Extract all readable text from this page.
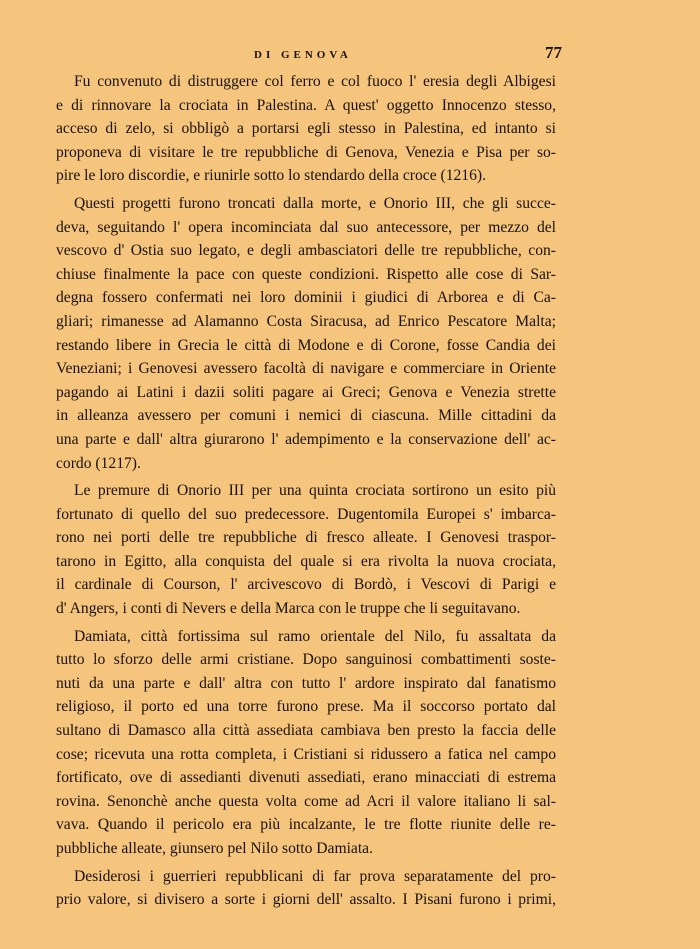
DI GENOVA	77

Fu convenuto di distruggere col ferro e col fuoco l' eresia degli Albigesi
e di rinnovare la crociata in Palestina. A quest' oggetto Innocenzo stesso,
acceso di zelo, si obbligò a portarsi egli stesso in Palestina, ed intanto si
proponeva di visitare le tre repubbliche di Genova, Venezia e Pisa per so-
pire le loro discordie, e riunirle sotto lo stendardo della croce (1216).

Questi progetti furono troncati dalla morte, e Onorio III, che gli succe-
deva, seguitando l' opera incominciata dal suo antecessore, per mezzo del
vescovo d' Ostia suo legato, e degli ambasciatori delle tre repubbliche, con-
chiuse finalmente la pace con queste condizioni. Rispetto alle cose di Sar-
degna fossero confermati nei loro dominii i giudici di Arborea e di Ca-
gliari; rimanesse ad Alamanno Costa Siracusa, ad Enrico Pescatore Malta;
restando libere in Grecia le città di Modone e di Corone, fosse Candia dei
Veneziani; i Genovesi avessero facoltà di navigare e commerciare in Oriente
pagando ai Latini i dazii soliti pagare ai Greci; Genova e Venezia strette
in alleanza avessero per comuni i nemici di ciascuna. Mille cittadini da
una parte e dall' altra giurarono l' adempimento e la conservazione dell' ac-
cordo (1217).

Le premure di Onorio III per una quinta crociata sortirono un esito più
fortunato di quello del suo predecessore. Dugentomila Europei s' imbarca-
rono nei porti delle tre repubbliche di fresco alleate. I Genovesi traspor-
tarono in Egitto, alla conquista del quale si era rivolta la nuova crociata,
il cardinale di Courson, l' arcivescovo di Bordò, i Vescovi di Parigi e
d' Angers, i conti di Nevers e della Marca con le truppe che li seguitavano.

Damiata, città fortissima sul ramo orientale del Nilo, fu assaltata da
tutto lo sforzo delle armi cristiane. Dopo sanguinosi combattimenti soste-
nuti da una parte e dall' altra con tutto l' ardore inspirato dal fanatismo
religioso, il porto ed una torre furono prese. Ma il soccorso portato dal
sultano di Damasco alla città assediata cambiava ben presto la faccia delle
cose; ricevuta una rotta completa, i Cristiani si ridussero a fatica nel campo
fortificato, ove di assedianti divenuti assediati, erano minacciati di estrema
rovina. Senonchè anche questa volta come ad Acri il valore italiano li sal-
vava. Quando il pericolo era più incalzante, le tre flotte riunite delle re-
pubbliche alleate, giunsero pel Nilo sotto Damiata.

Desiderosi i guerrieri repubblicani di far prova separatamente del pro-
prio valore, si divisero a sorte i giorni dell' assalto. I Pisani furono i primi,
